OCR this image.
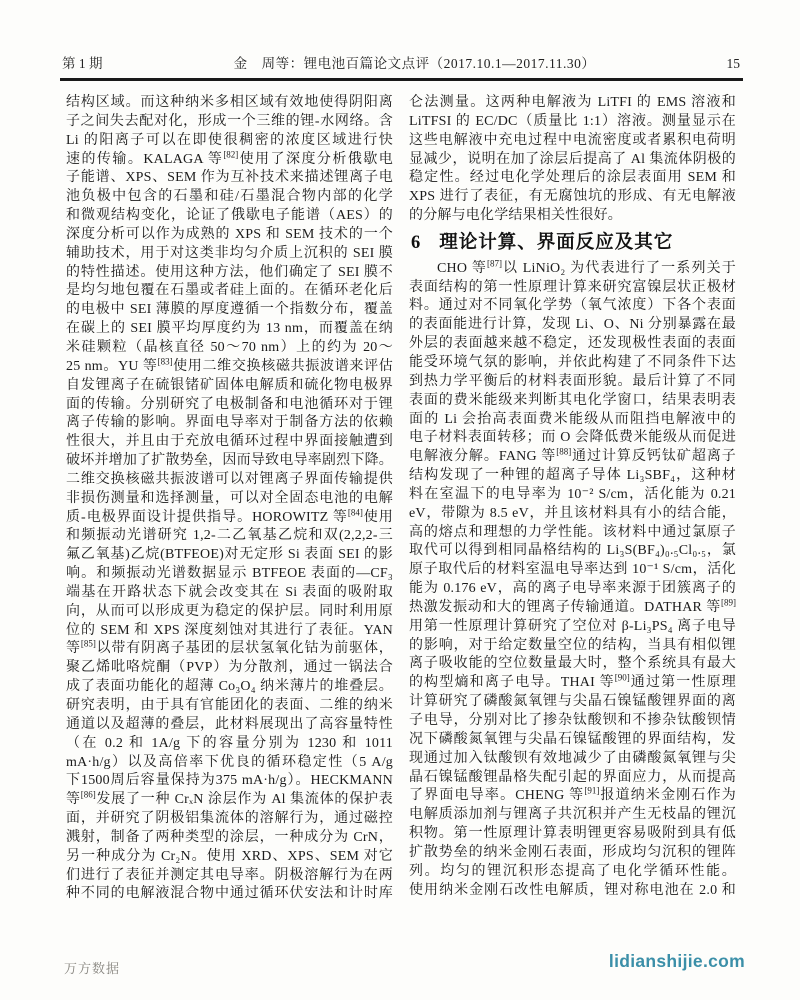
第 1 期	金　周等：锂电池百篇论文点评（2017.10.1—2017.11.30）	15
结构区域。而这种纳米多相区域有效地使得阴阳离
子之间失去配对化，形成一个三维的锂-水网络。含
Li 的阳离子可以在即使很稠密的浓度区域进行快
速的传输。KALAGA 等[82]使用了深度分析俄歇电
子能谱、XPS、SEM 作为互补技术来描述锂离子电
池负极中包含的石墨和硅/石墨混合物内部的化学
和微观结构变化，论证了俄歇电子能谱（AES）的
深度分析可以作为成熟的 XPS 和 SEM 技术的一个
辅助技术，用于对这类非均匀介质上沉积的 SEI 膜
的特性描述。使用这种方法，他们确定了 SEI 膜不
是均匀地包覆在石墨或者硅上面的。在循环老化后
的电极中 SEI 薄膜的厚度遵循一个指数分布，覆盖
在碳上的 SEI 膜平均厚度约为 13 nm，而覆盖在纳
米硅颗粒（晶核直径 50～70 nm）上的约为 20～
25 nm。YU 等[83]使用二维交换核磁共振波谱来评估
自发锂离子在硫银锗矿固体电解质和硫化物电极界
面的传输。分别研究了电极制备和电池循环对于锂
离子传输的影响。界面电导率对于制备方法的依赖
性很大，并且由于充放电循环过程中界面接触遭到
破坏并增加了扩散势垒，因而导致电导率剧烈下降。
二维交换核磁共振波谱可以对锂离子界面传输提供
非损伤测量和选择测量，可以对全固态电池的电解
质-电极界面设计提供指导。HOROWITZ 等[84]使用
和频振动光谱研究 1,2-二乙氧基乙烷和双(2,2,2-三
氟乙氧基)乙烷(BTFEOE)对无定形 Si 表面 SEI 的影
响。和频振动光谱数据显示 BTFEOE 表面的—CF₃
端基在开路状态下就会改变其在 Si 表面的吸附取
向，从而可以形成更为稳定的保护层。同时利用原
位的 SEM 和 XPS 深度刻蚀对其进行了表征。YAN
等[85]以带有阴离子基团的层状氢氧化钴为前驱体，
聚乙烯吡咯烷酮（PVP）为分散剂，通过一锅法合
成了表面功能化的超薄 Co₃O₄ 纳米薄片的堆叠层。
研究表明，由于具有官能团化的表面、二维的纳米
通道以及超薄的叠层，此材料展现出了高容量特性
（在 0.2 和 1A/g 下的容量分别为 1230 和 1011
mA·h/g）以及高倍率下优良的循环稳定性（5 A/g
下1500周后容量保持为375 mA·h/g）。HECKMANN
等[86]发展了一种 CrₓN 涂层作为 Al 集流体的保护表
面，并研究了阴极铝集流体的溶解行为，通过磁控
溅射，制备了两种类型的涂层，一种成分为 CrN，
另一种成分为 Cr₂N。使用 XRD、XPS、SEM 对它
们进行了表征并测定其电导率。阴极溶解行为在两
种不同的电解液混合物中通过循环伏安法和计时库
仑法测量。这两种电解液为 LiTFI 的 EMS 溶液和
LiTFSI 的 EC/DC（质量比 1:1）溶液。测量显示在
这些电解液中充电过程中电流密度或者累积电荷明
显减少，说明在加了涂层后提高了 Al 集流体阴极的
稳定性。经过电化学处理后的涂层表面用 SEM 和
XPS 进行了表征，有无腐蚀坑的形成、有无电解液
的分解与电化学结果相关性很好。
6 理论计算、界面反应及其它
CHO 等[87]以 LiNiO₂ 为代表进行了一系列关于
表面结构的第一性原理计算来研究富镍层状正极材
料。通过对不同氧化学势（氧气浓度）下各个表面
的表面能进行计算，发现 Li、O、Ni 分别暴露在最
外层的表面越来越不稳定，还发现极性表面的表面
能受环境气氛的影响，并依此构建了不同条件下达
到热力学平衡后的材料表面形貌。最后计算了不同
表面的费米能级来判断其电化学窗口，结果表明表
面的 Li 会抬高表面费米能级从而阻挡电解液中的
电子材料表面转移；而 O 会降低费米能级从而促进
电解液分解。FANG 等[88]通过计算反钙钛矿超离子
结构发现了一种锂的超离子导体 Li₃SBF₄，这种材
料在室温下的电导率为 10⁻² S/cm，活化能为 0.21
eV，带隙为 8.5 eV，并且该材料具有小的结合能，
高的熔点和理想的力学性能。该材料中通过氯原子
取代可以得到相同晶格结构的 Li₃S(BF₄)₀.₅Cl₀.₅，氯
原子取代后的材料室温电导率达到 10⁻¹ S/cm，活化
能为 0.176 eV，高的离子电导率来源于团簇离子的
热激发振动和大的锂离子传输通道。DATHAR 等[89]
用第一性原理计算研究了空位对 β-Li₃PS₄ 离子电导
的影响，对于给定数量空位的结构，当具有相似锂
离子吸收能的空位数量最大时，整个系统具有最大
的构型熵和离子电导。THAI 等[90]通过第一性原理
计算研究了磷酸氮氧锂与尖晶石镍锰酸锂界面的离
子电导，分别对比了掺杂钛酸钡和不掺杂钛酸钡情
况下磷酸氮氧锂与尖晶石镍锰酸锂的界面结构，发
现通过加入钛酸钡有效地减少了由磷酸氮氧锂与尖
晶石镍锰酸锂晶格失配引起的界面应力，从而提高
了界面电导率。CHENG 等[91]报道纳米金刚石作为
电解质添加剂与锂离子共沉积并产生无枝晶的锂沉
积物。第一性原理计算表明锂更容易吸附到具有低
扩散势垒的纳米金刚石表面，形成均匀沉积的锂阵
列。均匀的锂沉积形态提高了电化学循环性能。
使用纳米金刚石改性电解质，锂对称电池在 2.0 和
万方数据	lidianshijie.com
